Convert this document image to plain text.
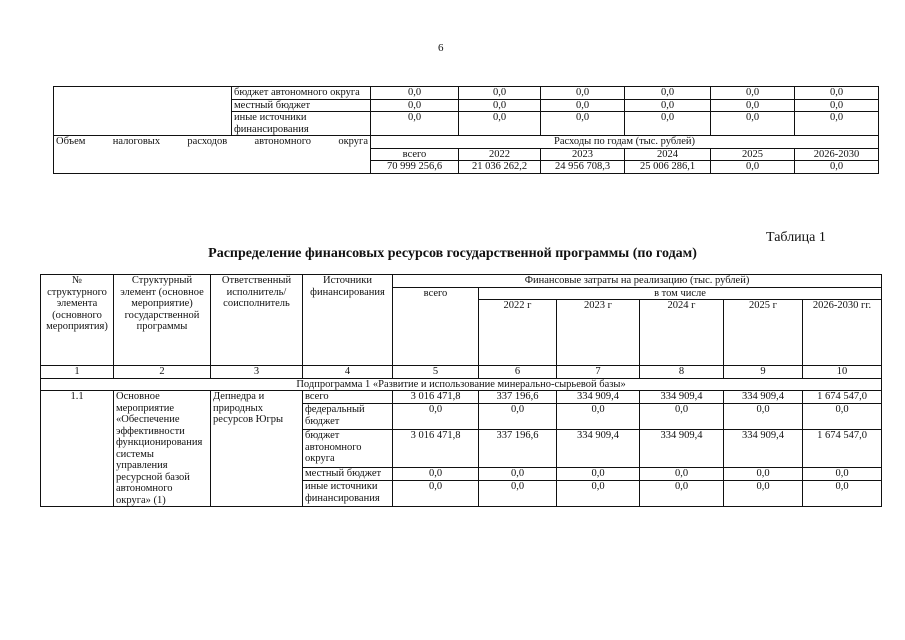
6
	бюджет автономного округа	0,0	0,0	0,0	0,0	0,0	0,0
	местный бюджет	0,0	0,0	0,0	0,0	0,0	0,0
	иные источники финансирования	0,0	0,0	0,0	0,0	0,0	0,0
Объем налоговых расходов автономного округа		Расходы по годам (тыс. рублей)					
		всего	2022	2023	2024	2025	2026-2030
		70 999 256,6	21 036 262,2	24 956 708,3	25 006 286,1	0,0	0,0
Таблица 1
Распределение финансовых ресурсов государственной программы (по годам)
№ структурного элемента (основного мероприятия)	Структурный элемент (основное мероприятие) государственной программы	Ответственный исполнитель/соисполнитель	Источники финансирования	Финансовые затраты на реализацию (тыс. рублей)					
				всего	в том числе				
					2022 г	2023 г	2024 г	2025 г	2026-2030 гг.
1	2	3	4	5	6	7	8	9	10
Подпрограмма 1 «Развитие и использование минерально-сырьевой базы»									
1.1	Основное мероприятие «Обеспечение эффективности функционирования системы управления ресурсной базой автономного округа» (1)	Депнедра и природных ресурсов Югры	всего	3 016 471,8	337 196,6	334 909,4	334 909,4	334 909,4	1 674 547,0
			федеральный бюджет	0,0	0,0	0,0	0,0	0,0	0,0
			бюджет автономного округа	3 016 471,8	337 196,6	334 909,4	334 909,4	334 909,4	1 674 547,0
			местный бюджет	0,0	0,0	0,0	0,0	0,0	0,0
			иные источники финансирования	0,0	0,0	0,0	0,0	0,0	0,0
